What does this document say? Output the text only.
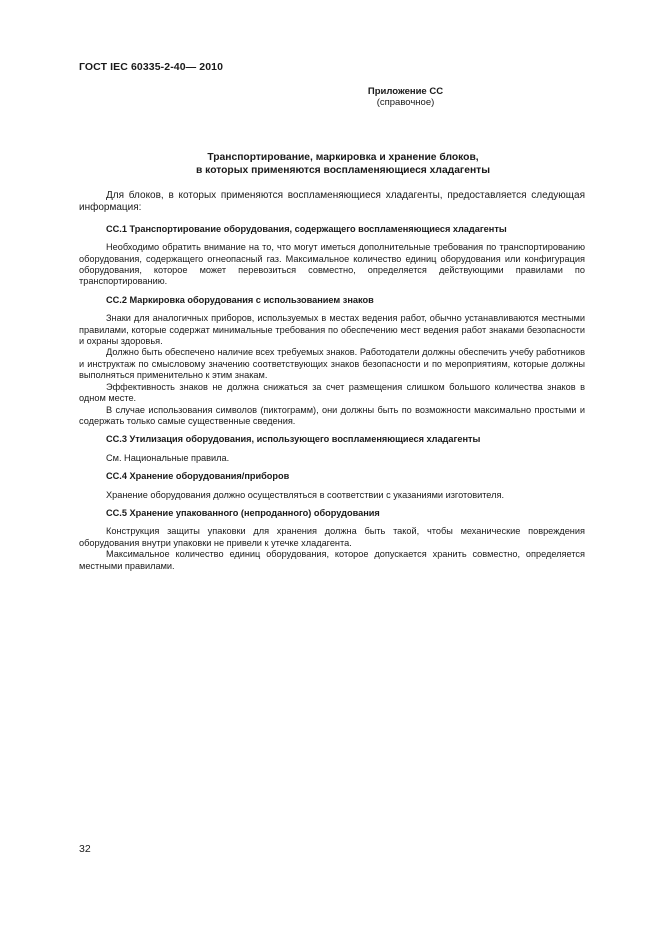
ГОСТ IEC 60335-2-40— 2010
Приложение СС
(справочное)
Транспортирование, маркировка и хранение блоков,
в которых применяются воспламеняющиеся хладагенты

Для блоков, в которых применяются воспламеняющиеся хладагенты, предоставляется следующая информация:

СС.1 Транспортирование оборудования, содержащего воспламеняющиеся хладагенты

Необходимо обратить внимание на то, что могут иметься дополнительные требования по транспортированию оборудования, содержащего огнеопасный газ. Максимальное количество единиц оборудования или конфигурация оборудования, которое может перевозиться совместно, определяется действующими правилами по транспортированию.

СС.2 Маркировка оборудования с использованием знаков

Знаки для аналогичных приборов, используемых в местах ведения работ, обычно устанавливаются местными правилами, которые содержат минимальные требования по обеспечению мест ведения работ знаками безопасности и охраны здоровья.

Должно быть обеспечено наличие всех требуемых знаков. Работодатели должны обеспечить учебу работников и инструктаж по смысловому значению соответствующих знаков безопасности и по мероприятиям, которые должны выполняться применительно к этим знакам.

Эффективность знаков не должна снижаться за счет размещения слишком большого количества знаков в одном месте.

В случае использования символов (пиктограмм), они должны быть по возможности максимально простыми и содержать только самые существенные сведения.

СС.3 Утилизация оборудования, использующего воспламеняющиеся хладагенты

См. Национальные правила.

СС.4 Хранение оборудования/приборов

Хранение оборудования должно осуществляться в соответствии с указаниями изготовителя.

СС.5 Хранение упакованного (непроданного) оборудования

Конструкция защиты упаковки для хранения должна быть такой, чтобы механические повреждения оборудования внутри упаковки не привели к утечке хладагента.

Максимальное количество единиц оборудования, которое допускается хранить совместно, определяется местными правилами.

32
